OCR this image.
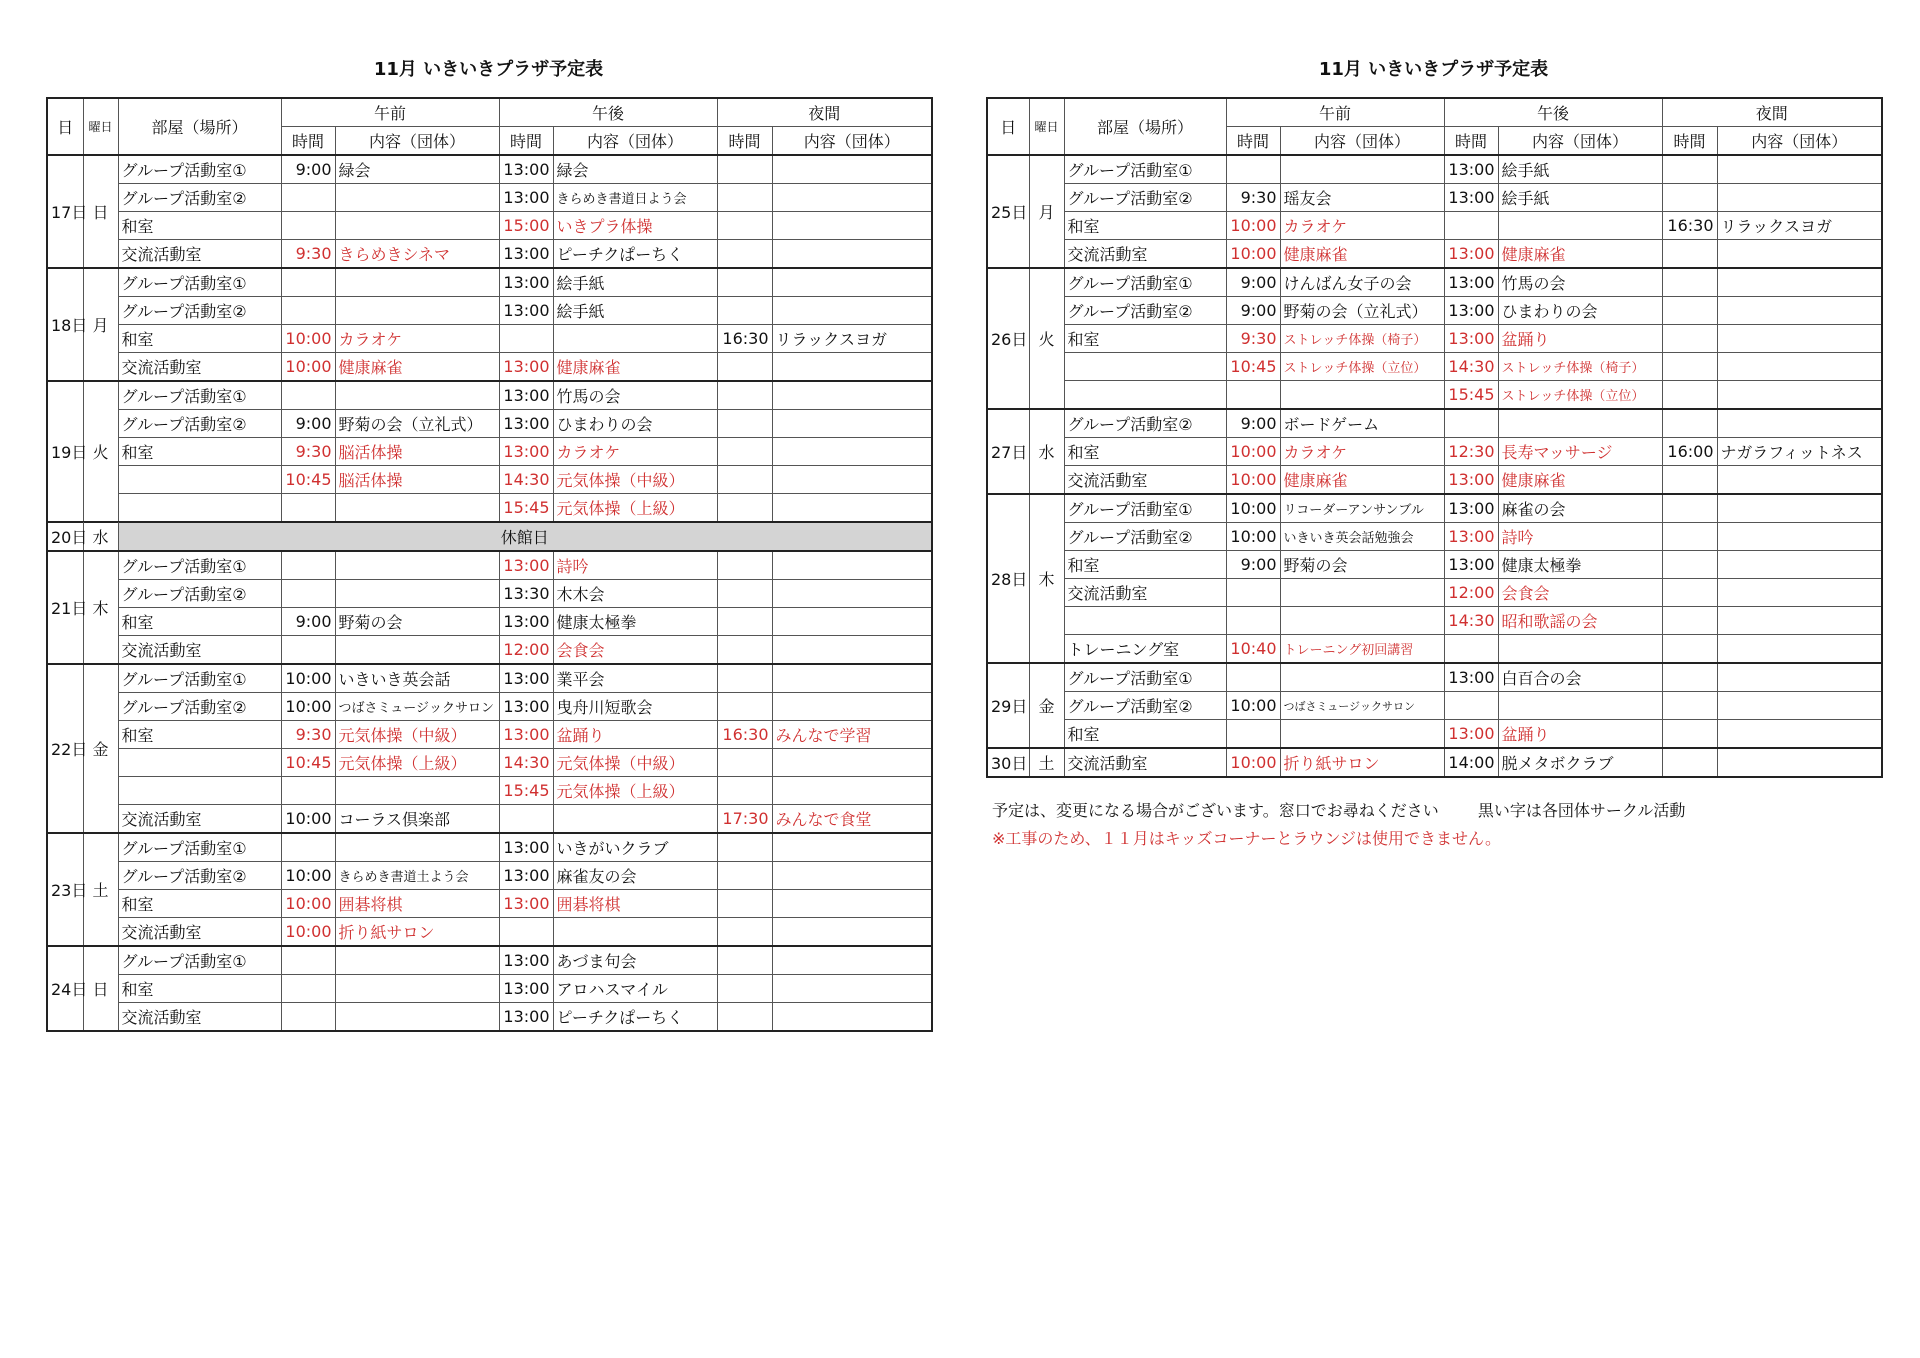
11月 いきいきプラザ予定表
日	曜日	部屋（場所）	午前		午後		夜間	
			時間	内容（団体）	時間	内容（団体）	時間	内容（団体）
17日	日	グループ活動室①	9:00	緑会	13:00	緑会		
		グループ活動室②			13:00	きらめき書道日よう会		
		和室			15:00	いきプラ体操		
		交流活動室	9:30	きらめきシネマ	13:00	ピーチクぱーちく		
18日	月	グループ活動室①			13:00	絵手紙		
		グループ活動室②			13:00	絵手紙		
		和室	10:00	カラオケ			16:30	リラックスヨガ
		交流活動室	10:00	健康麻雀	13:00	健康麻雀		
19日	火	グループ活動室①			13:00	竹馬の会		
		グループ活動室②	9:00	野菊の会（立礼式）	13:00	ひまわりの会		
		和室	9:30	脳活体操	13:00	カラオケ		
			10:45	脳活体操	14:30	元気体操（中級）		
					15:45	元気体操（上級）		
20日	水	休館日						

21日	木	グループ活動室①			13:00	詩吟		
		グループ活動室②			13:30	木木会		
		和室	9:00	野菊の会	13:00	健康太極拳		
		交流活動室			12:00	会食会		
22日	金	グループ活動室①	10:00	いきいき英会話	13:00	業平会		
		グループ活動室②	10:00	つばさミュージックサロン	13:00	曳舟川短歌会		
		和室	9:30	元気体操（中級）	13:00	盆踊り	16:30	みんなで学習
			10:45	元気体操（上級）	14:30	元気体操（中級）		
					15:45	元気体操（上級）		
		交流活動室	10:00	コーラス倶楽部			17:30	みんなで食堂
23日	土	グループ活動室①			13:00	いきがいクラブ		
		グループ活動室②	10:00	きらめき書道土よう会	13:00	麻雀友の会		
		和室	10:00	囲碁将棋	13:00	囲碁将棋		
		交流活動室	10:00	折り紙サロン				
24日	日	グループ活動室①			13:00	あづま句会		
		和室			13:00	アロハスマイル		
		交流活動室			13:00	ピーチクぱーちく		
11月 いきいきプラザ予定表
日	曜日	部屋（場所）	午前		午後		夜間	
			時間	内容（団体）	時間	内容（団体）	時間	内容（団体）
25日	月	グループ活動室①			13:00	絵手紙		
		グループ活動室②	9:30	瑶友会	13:00	絵手紙		
		和室	10:00	カラオケ			16:30	リラックスヨガ
		交流活動室	10:00	健康麻雀	13:00	健康麻雀		
26日	火	グループ活動室①	9:00	けんばん女子の会	13:00	竹馬の会		
		グループ活動室②	9:00	野菊の会（立礼式）	13:00	ひまわりの会		
		和室	9:30	ストレッチ体操（椅子）	13:00	盆踊り		
			10:45	ストレッチ体操（立位）	14:30	ストレッチ体操（椅子）		
					15:45	ストレッチ体操（立位）		
27日	水	グループ活動室②	9:00	ボードゲーム				
		和室	10:00	カラオケ	12:30	長寿マッサージ	16:00	ナガラフィットネス
		交流活動室	10:00	健康麻雀	13:00	健康麻雀		
28日	木	グループ活動室①	10:00	リコーダーアンサンブル	13:00	麻雀の会		
		グループ活動室②	10:00	いきいき英会話勉強会	13:00	詩吟		
		和室	9:00	野菊の会	13:00	健康太極拳		
		交流活動室			12:00	会食会		
					14:30	昭和歌謡の会		
		トレーニング室	10:40	トレーニング初回講習				
29日	金	グループ活動室①			13:00	白百合の会		
		グループ活動室②	10:00	つばさミュージックサロン				
		和室			13:00	盆踊り		
30日	土	交流活動室	10:00	折り紙サロン	14:00	脱メタボクラブ		
予定は、変更になる場合がございます。窓口でお尋ねください 黒い字は各団体サークル活動
※工事のため、１１月はキッズコーナーとラウンジは使用できません。
